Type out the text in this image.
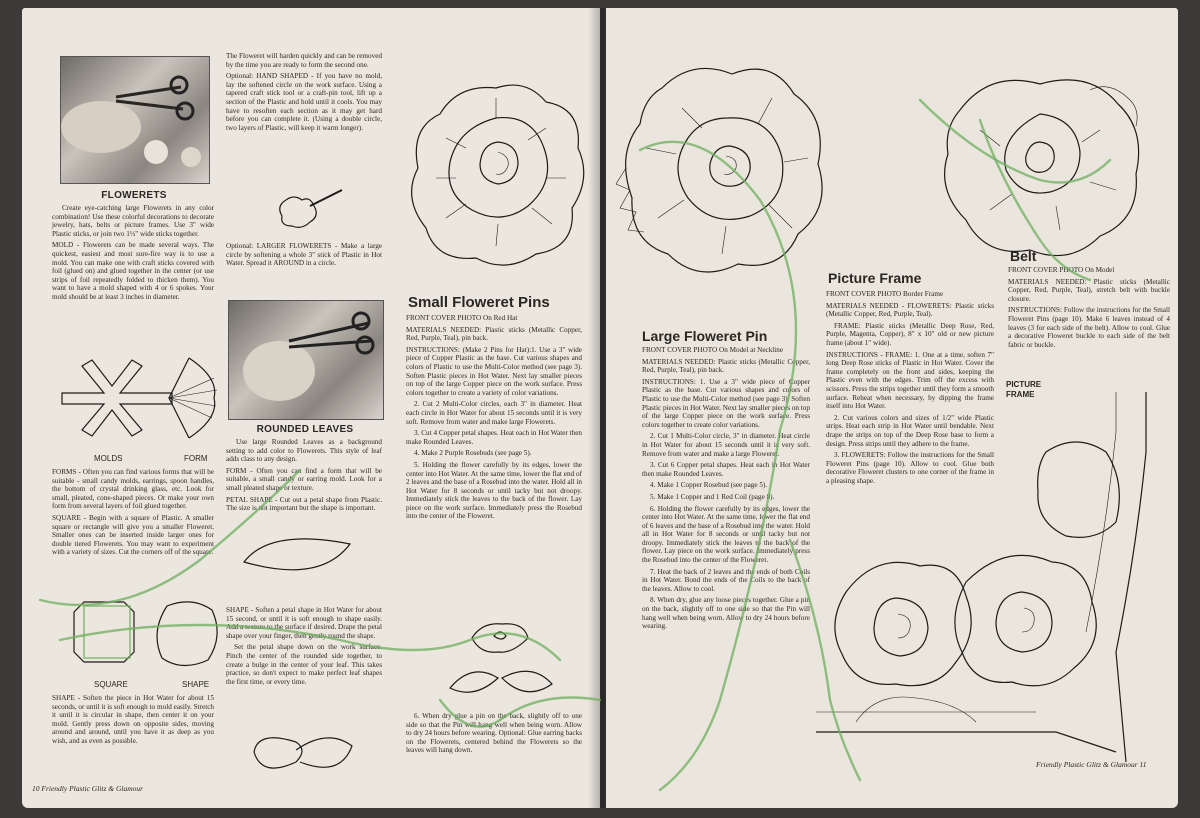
FLOWERETS

Create eye-catching large Flowerets in any color combination! Use these colorful decorations to decorate jewelry, hats, belts or picture frames. Use 3" wide Plastic sticks, or join two 1½" wide sticks together.

MOLD - Flowerets can be made several ways. The quickest, easiest and most sure-fire way is to use a mold. You can make one with craft sticks covered with foil (glued on) and glued together in the center (or use strips of foil repeatedly folded to thicken them). You want to have a mold shaped with 4 or 6 spokes. Your mold should be at least 3 inches in diameter.

MOLDS	FORM

FORMS - Often you can find various forms that will be suitable - small candy molds, earrings, spoon handles, the bottom of crystal drinking glass, etc. Look for small, pleated, cone-shaped pieces. Or make your own form from several layers of foil glued together.

SQUARE - Begin with a square of Plastic. A smaller square or rectangle will give you a smaller Floweret. Smaller ones can be inserted inside larger ones for double tiered Flowerets. You may want to experiment with a variety of sizes. Cut the corners off of the square.

SQUARE	SHAPE

SHAPE - Soften the piece in Hot Water for about 15 seconds, or until it is soft enough to mold easily. Stretch it until it is circular in shape, then center it on your mold. Gently press down on opposite sides, moving around and around, until you have it as deep as you wish, and as even as possible.

The Floweret will harden quickly and can be removed by the time you are ready to form the second one.

Optional: HAND SHAPED - If you have no mold, lay the softened circle on the work surface. Using a tapered craft stick tool or a craft-pin tool, lift up a section of the Plastic and hold until it cools. You may have to resoften each section as it may get hard before you can complete it. (Using a double circle, two layers of Plastic, will keep it warm longer).

Optional: LARGER FLOWERETS - Make a large circle by softening a whole 3" stick of Plastic in Hot Water. Spread it AROUND in a circle.

ROUNDED LEAVES

Use large Rounded Leaves as a background setting to add color to Flowerets. This style of leaf adds class to any design.

FORM - Often you can find a form that will be suitable, a small candy or earring mold. Look for a small pleated shape or texture.

PETAL SHAPE - Cut out a petal shape from Plastic. The size is not important but the shape is important.

SHAPE - Soften a petal shape in Hot Water for about 15 second, or until it is soft enough to shape easily. Add a texture to the surface if desired. Drape the petal shape over your finger, then gently round the shape.

Set the petal shape down on the work surface. Pinch the center of the rounded side together, to create a bulge in the center of your leaf. This takes practice, so don't expect to make perfect leaf shapes the first time, or every time.

Small Floweret Pins

FRONT COVER PHOTO On Red Hat

MATERIALS NEEDED: Plastic sticks (Metallic Copper, Red, Purple, Teal), pin back.

INSTRUCTIONS: (Make 2 Pins for Hat):1. Use a 3" wide piece of Copper Plastic as the base. Cut various shapes and colors of Plastic to use the Multi-Color method (see page 3). Soften Plastic pieces in Hot Water. Next lay smaller pieces on top of the large Copper piece on the work surface. Press colors together to create a variety of color variations.

2. Cut 2 Multi-Color circles, each 3" in diameter. Heat each circle in Hot Water for about 15 seconds until it is very soft. Remove from water and make large Flowerets.

3. Cut 4 Copper petal shapes. Heat each in Hot Water then make Rounded Leaves.

4. Make 2 Purple Rosebuds (see page 5).

5. Holding the flower carefully by its edges, lower the center into Hot Water. At the same time, lower the flat end of 2 leaves and the base of a Rosebud into the water. Hold all in Hot Water for 8 seconds or until tacky but not droopy. Immediately stick the leaves to the back of the flower. Lay piece on the work surface. Immediately press the Rosebud into the center of the Floweret.

6. When dry glue a pin on the back, slightly off to one side so that the Pin will hang well when being worn. Allow to dry 24 hours before wearing. Optional: Glue earring backs on the Flowerets, centered behind the Flowerets so the leaves will hang down.

10 Friendly Plastic Glitz & Glamour
Belt

FRONT COVER PHOTO On Model

MATERIALS NEEDED: Plastic sticks (Metallic Copper, Red, Purple, Teal), stretch belt with buckle closure.

INSTRUCTIONS: Follow the instructions for the Small Floweret Pins (page 10). Make 6 leaves instead of 4 leaves (3 for each side of the belt). Allow to cool. Glue a decorative Floweret buckle to each side of the belt fabric or buckle.

Picture Frame

FRONT COVER PHOTO Border Frame

MATERIALS NEEDED - FLOWERETS: Plastic sticks (Metallic Copper, Red, Purple, Teal).

FRAME: Plastic sticks (Metallic Deep Rose, Red, Purple, Magenta, Copper), 8" x 10" old or new picture frame (about 1" wide).

INSTRUCTIONS - FRAME: 1. One at a time, soften 7" long Deep Rose sticks of Plastic in Hot Water. Cover the frame completely on the front and sides, keeping the Plastic even with the edges. Trim off the excess with scissors. Press the strips together until they form a smooth surface. Reheat when necessary, by dipping the frame itself into Hot Water.

2. Cut various colors and sizes of 1/2" wide Plastic strips. Heat each strip in Hot Water until bendable. Next drape the strips on top of the Deep Rose base to form a design. Press strips until they adhere to the frame.

3. FLOWERETS: Follow the instructions for the Small Floweret Pins (page 10). Allow to cool. Glue both decorative Floweret clusters to one corner of the frame in a pleasing shape.

PICTURE FRAME
Large Floweret Pin

FRONT COVER PHOTO On Model at Neckline

MATERIALS NEEDED: Plastic sticks (Metallic Copper, Red, Purple, Teal), pin back.

INSTRUCTIONS: 1. Use a 3" wide piece of Copper Plastic as the base. Cut various shapes and colors of Plastic to use the Multi-Color method (see page 3). Soften Plastic pieces in Hot Water. Next lay smaller pieces on top of the large Copper piece on the work surface. Press colors together to create color variations.

2. Cut 1 Multi-Color circle, 3" in diameter. Heat circle in Hot Water for about 15 seconds until it is very soft. Remove from water and make a large Floweret.

3. Cut 6 Copper petal shapes. Heat each in Hot Water then make Rounded Leaves.

4. Make 1 Copper Rosebud (see page 5).

5. Make 1 Copper and 1 Red Coil (page 8).

6. Holding the flower carefully by its edges, lower the center into Hot Water. At the same time, lower the flat end of 6 leaves and the base of a Rosebud into the water. Hold all in Hot Water for 8 seconds or until tacky but not droopy. Immediately stick the leaves to the back of the flower. Lay piece on the work surface. Immediately press the Rosebud into the center of the Floweret.

7. Heat the back of 2 leaves and the ends of both Coils in Hot Water. Bond the ends of the Coils to the back of the leaves. Allow to cool.

8. When dry, glue any loose pieces together. Glue a pin on the back, slightly off to one side so that the Pin will hang well when being worn. Allow to dry 24 hours before wearing.

Friendly Plastic Glitz & Glamour 11
